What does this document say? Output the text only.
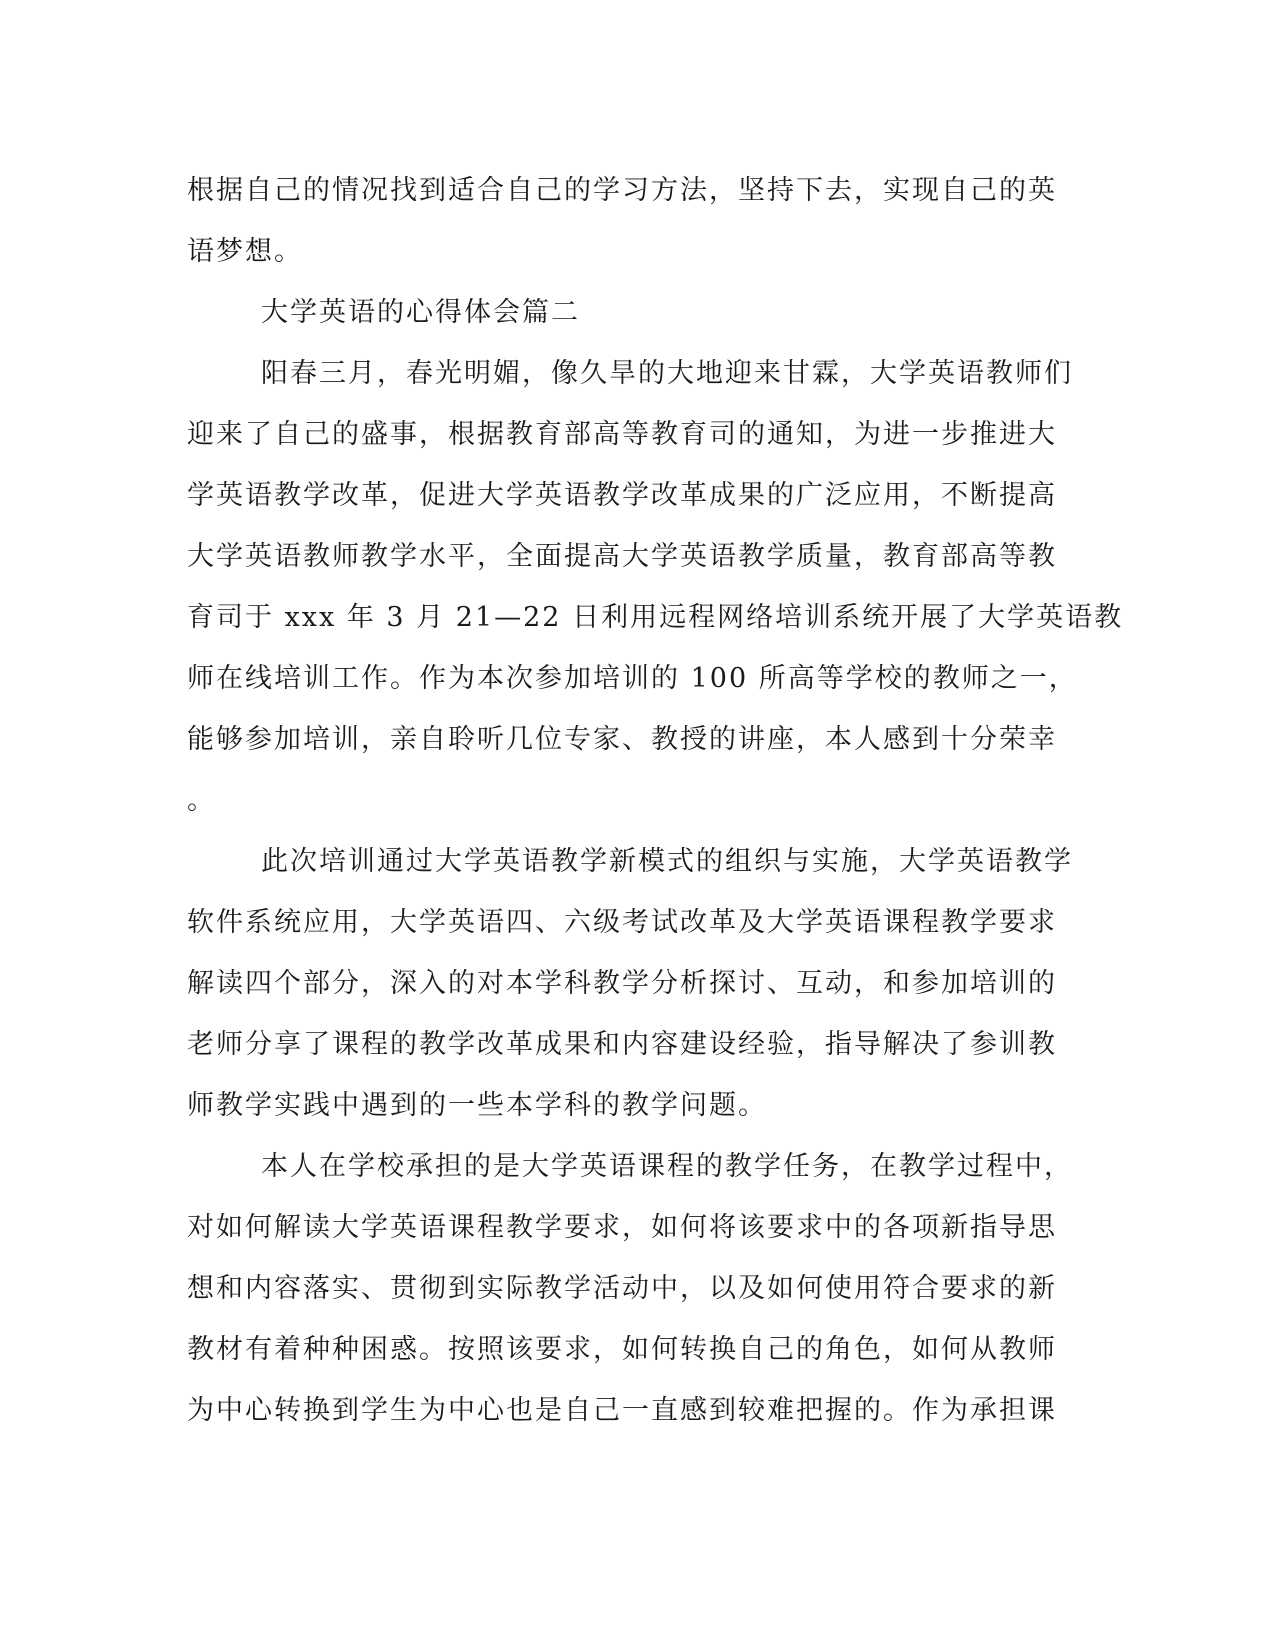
根据自己的情况找到适合自己的学习方法，坚持下去，实现自己的英
语梦想。
大学英语的心得体会篇二
阳春三月，春光明媚，像久旱的大地迎来甘霖，大学英语教师们
迎来了自己的盛事，根据教育部高等教育司的通知，为进一步推进大
学英语教学改革，促进大学英语教学改革成果的广泛应用，不断提高
大学英语教师教学水平，全面提高大学英语教学质量，教育部高等教
育司于 xxx 年 3 月 21—22 日利用远程网络培训系统开展了大学英语教
师在线培训工作。作为本次参加培训的 100 所高等学校的教师之一，
能够参加培训，亲自聆听几位专家、教授的讲座，本人感到十分荣幸
。
此次培训通过大学英语教学新模式的组织与实施，大学英语教学
软件系统应用，大学英语四、六级考试改革及大学英语课程教学要求
解读四个部分，深入的对本学科教学分析探讨、互动，和参加培训的
老师分享了课程的教学改革成果和内容建设经验，指导解决了参训教
师教学实践中遇到的一些本学科的教学问题。
本人在学校承担的是大学英语课程的教学任务，在教学过程中，
对如何解读大学英语课程教学要求，如何将该要求中的各项新指导思
想和内容落实、贯彻到实际教学活动中，以及如何使用符合要求的新
教材有着种种困惑。按照该要求，如何转换自己的角色，如何从教师
为中心转换到学生为中心也是自己一直感到较难把握的。作为承担课
